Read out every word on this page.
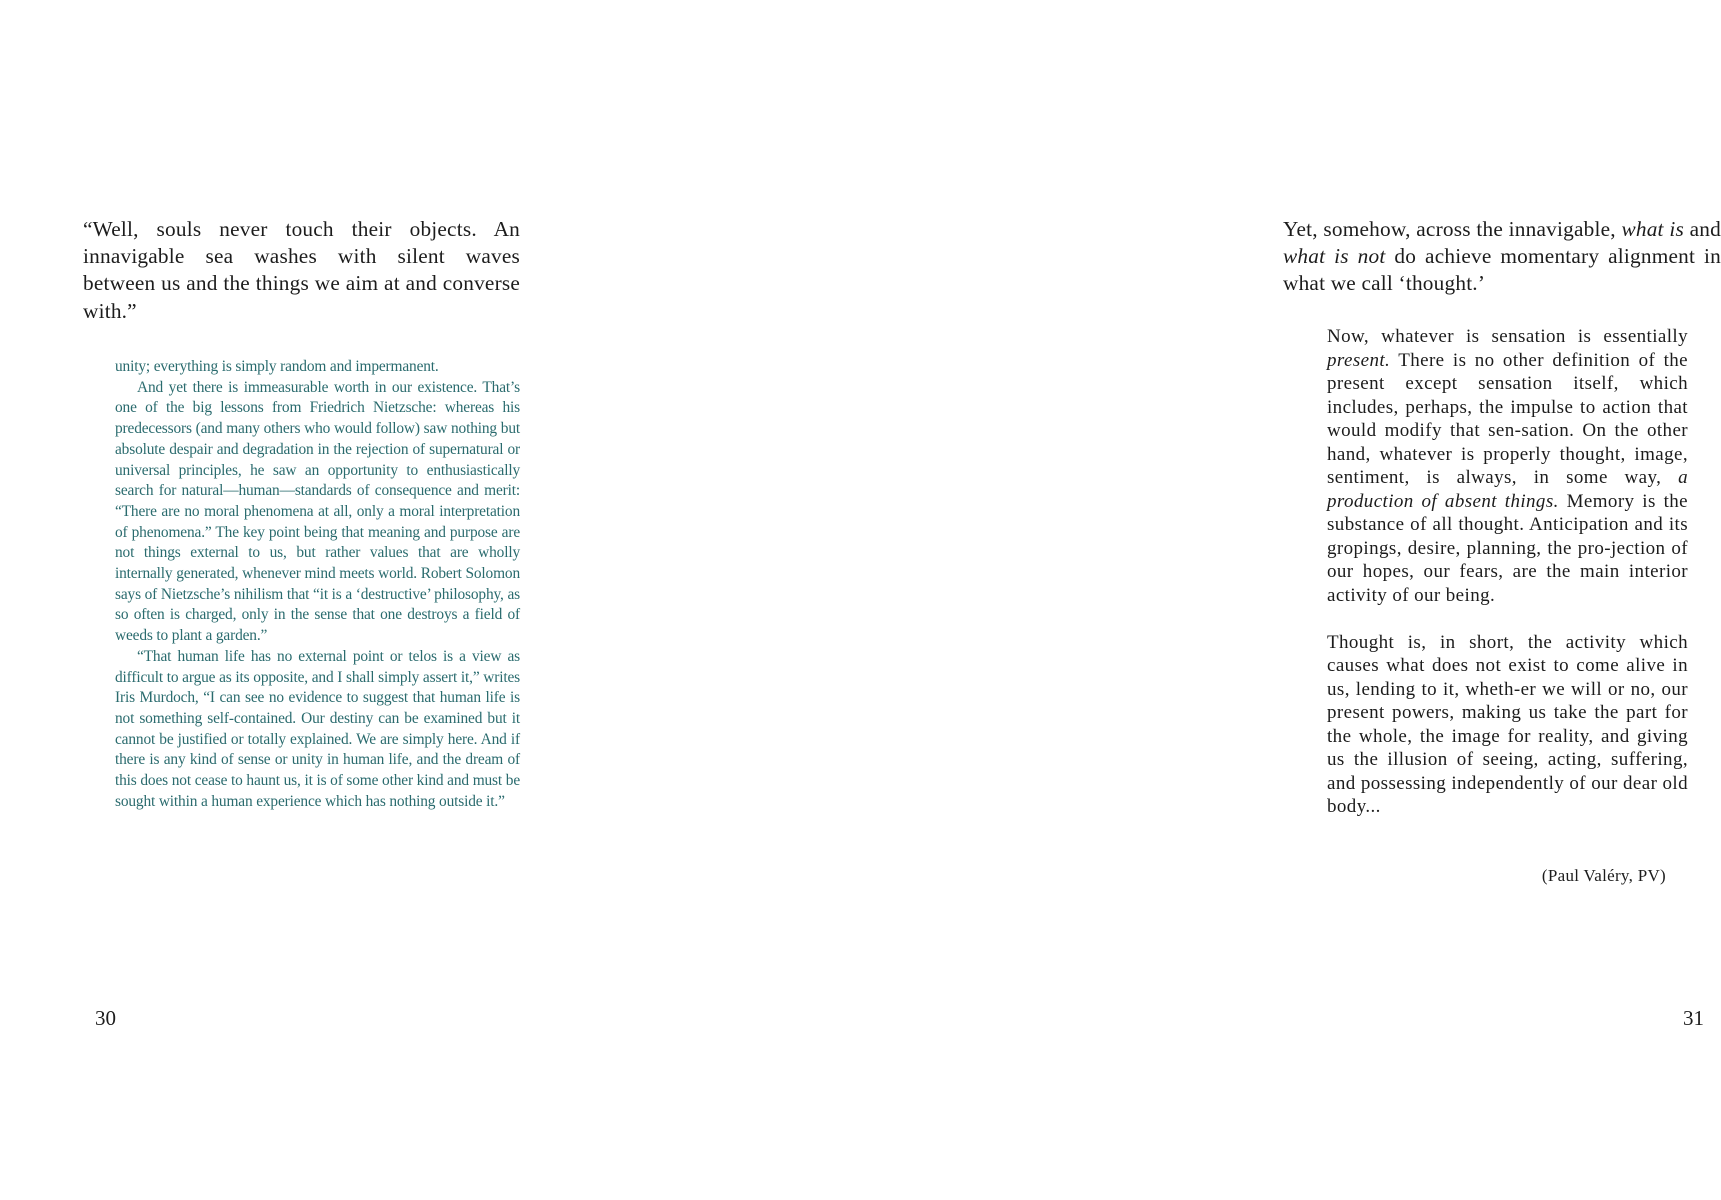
“Well, souls never touch their objects. An innavigable sea washes with silent waves between us and the things we aim at and converse with.”

unity; everything is simply random and impermanent.

And yet there is immeasurable worth in our existence. That’s one of the big lessons from Friedrich Nietzsche: whereas his predecessors (and many others who would follow) saw nothing but absolute despair and degradation in the rejection of supernatural or universal principles, he saw an opportunity to enthusiastically search for natural—human—standards of consequence and merit: “There are no moral phenomena at all, only a moral interpretation of phenomena.” The key point being that meaning and purpose are not things external to us, but rather values that are wholly internally generated, whenever mind meets world. Robert Solomon says of Nietzsche’s nihilism that “it is a ‘destructive’ philosophy, as so often is charged, only in the sense that one destroys a field of weeds to plant a garden.”

“That human life has no external point or telos is a view as difficult to argue as its opposite, and I shall simply assert it,” writes Iris Murdoch, “I can see no evidence to suggest that human life is not something self-contained. Our destiny can be examined but it cannot be justified or totally explained. We are simply here. And if there is any kind of sense or unity in human life, and the dream of this does not cease to haunt us, it is of some other kind and must be sought within a human experience which has nothing outside it.”

30
Yet, somehow, across the innavigable, what is and what is not do achieve momentary alignment in what we call ‘thought.’

Now, whatever is sensation is essentially present. There is no other definition of the present except sensation itself, which includes, perhaps, the impulse to action that would modify that sen-sation. On the other hand, whatever is properly thought, image, sentiment, is always, in some way, a production of absent things. Memory is the substance of all thought. Anticipation and its gropings, desire, planning, the pro-jection of our hopes, our fears, are the main interior activity of our being.

Thought is, in short, the activity which causes what does not exist to come alive in us, lending to it, wheth-er we will or no, our present powers, making us take the part for the whole, the image for reality, and giving us the illusion of seeing, acting, suffering, and possessing independently of our dear old body...

(Paul Valéry, PV)
31
